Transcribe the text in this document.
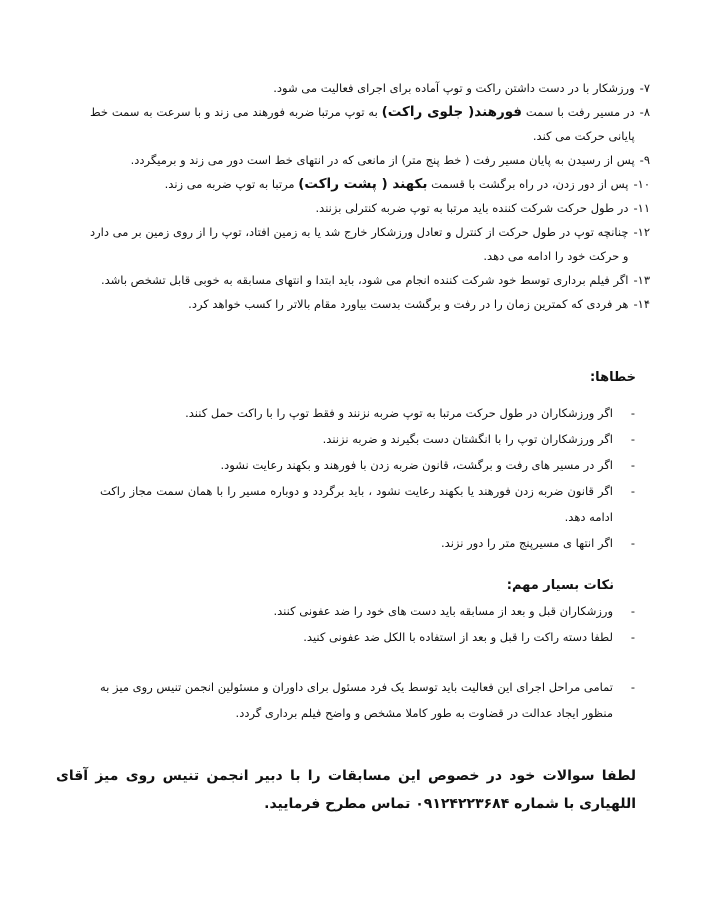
۷-
ورزشکار با در دست داشتن راکت و توپ آماده برای اجرای فعالیت می شود.
۸-
در مسیر رفت با سمت فورهند( جلوی راکت) به توپ مرتبا ضربه فورهند می زند و با سرعت به سمت خط پایانی حرکت می کند.
۹-
پس از رسیدن به پایان مسیر رفت ( خط پنج متر) از مانعی که در انتهای خط است دور می زند و برمیگردد.
۱۰-
پس از دور زدن، در راه برگشت با قسمت بکهند ( پشت راکت) مرتبا به توپ ضربه می زند.
۱۱-
در طول حرکت شرکت کننده باید مرتبا به توپ ضربه کنترلی بزنند.
۱۲-
چنانچه توپ در طول حرکت از کنترل و تعادل ورزشکار خارج شد یا به زمین افتاد، توپ را از روی زمین بر می دارد و حرکت خود را ادامه می دهد.
۱۳-
اگر فیلم برداری توسط خود شرکت کننده انجام می شود، باید ابتدا و انتهای مسابقه به خوبی قابل تشخص باشد.
۱۴-
هر فردی که کمترین زمان را در رفت و برگشت بدست بیاورد مقام بالاتر را کسب خواهد کرد.
خطاها:
-
اگر ورزشکاران در طول حرکت مرتبا به توپ ضربه نزنند و فقط توپ را با راکت حمل کنند.
-
اگر ورزشکاران توپ را با انگشتان دست بگیرند و ضربه نزنند.
-
اگر در مسیر های رفت و برگشت، قانون ضربه زدن با فورهند و بکهند رعایت نشود.
-
اگر قانون ضربه زدن فورهند یا بکهند رعایت نشود ، باید برگردد و دوباره مسیر را با همان سمت مجاز راکت ادامه دهد.
-
اگر انتها ی مسیرپنج متر را دور نزند.
نکات بسیار مهم:
-
ورزشکاران قبل و بعد از مسابقه باید دست های خود را ضد عفونی کنند.
-
لطفا دسته راکت را قبل و بعد از استفاده با الکل ضد عفونی کنید.
-
تمامی مراحل اجرای این فعالیت باید توسط یک فرد مسئول برای داوران و مسئولین انجمن تنیس روی میز به منظور ایجاد عدالت در قضاوت به طور کاملا مشخص و واضح فیلم برداری گردد.
لطفا سوالات خود در خصوص این مسابقات را با دبیر انجمن تنیس روی میز آقای اللهیاری با شماره ۰۹۱۲۴۲۲۳۶۸۴ تماس مطرح فرمایید.
